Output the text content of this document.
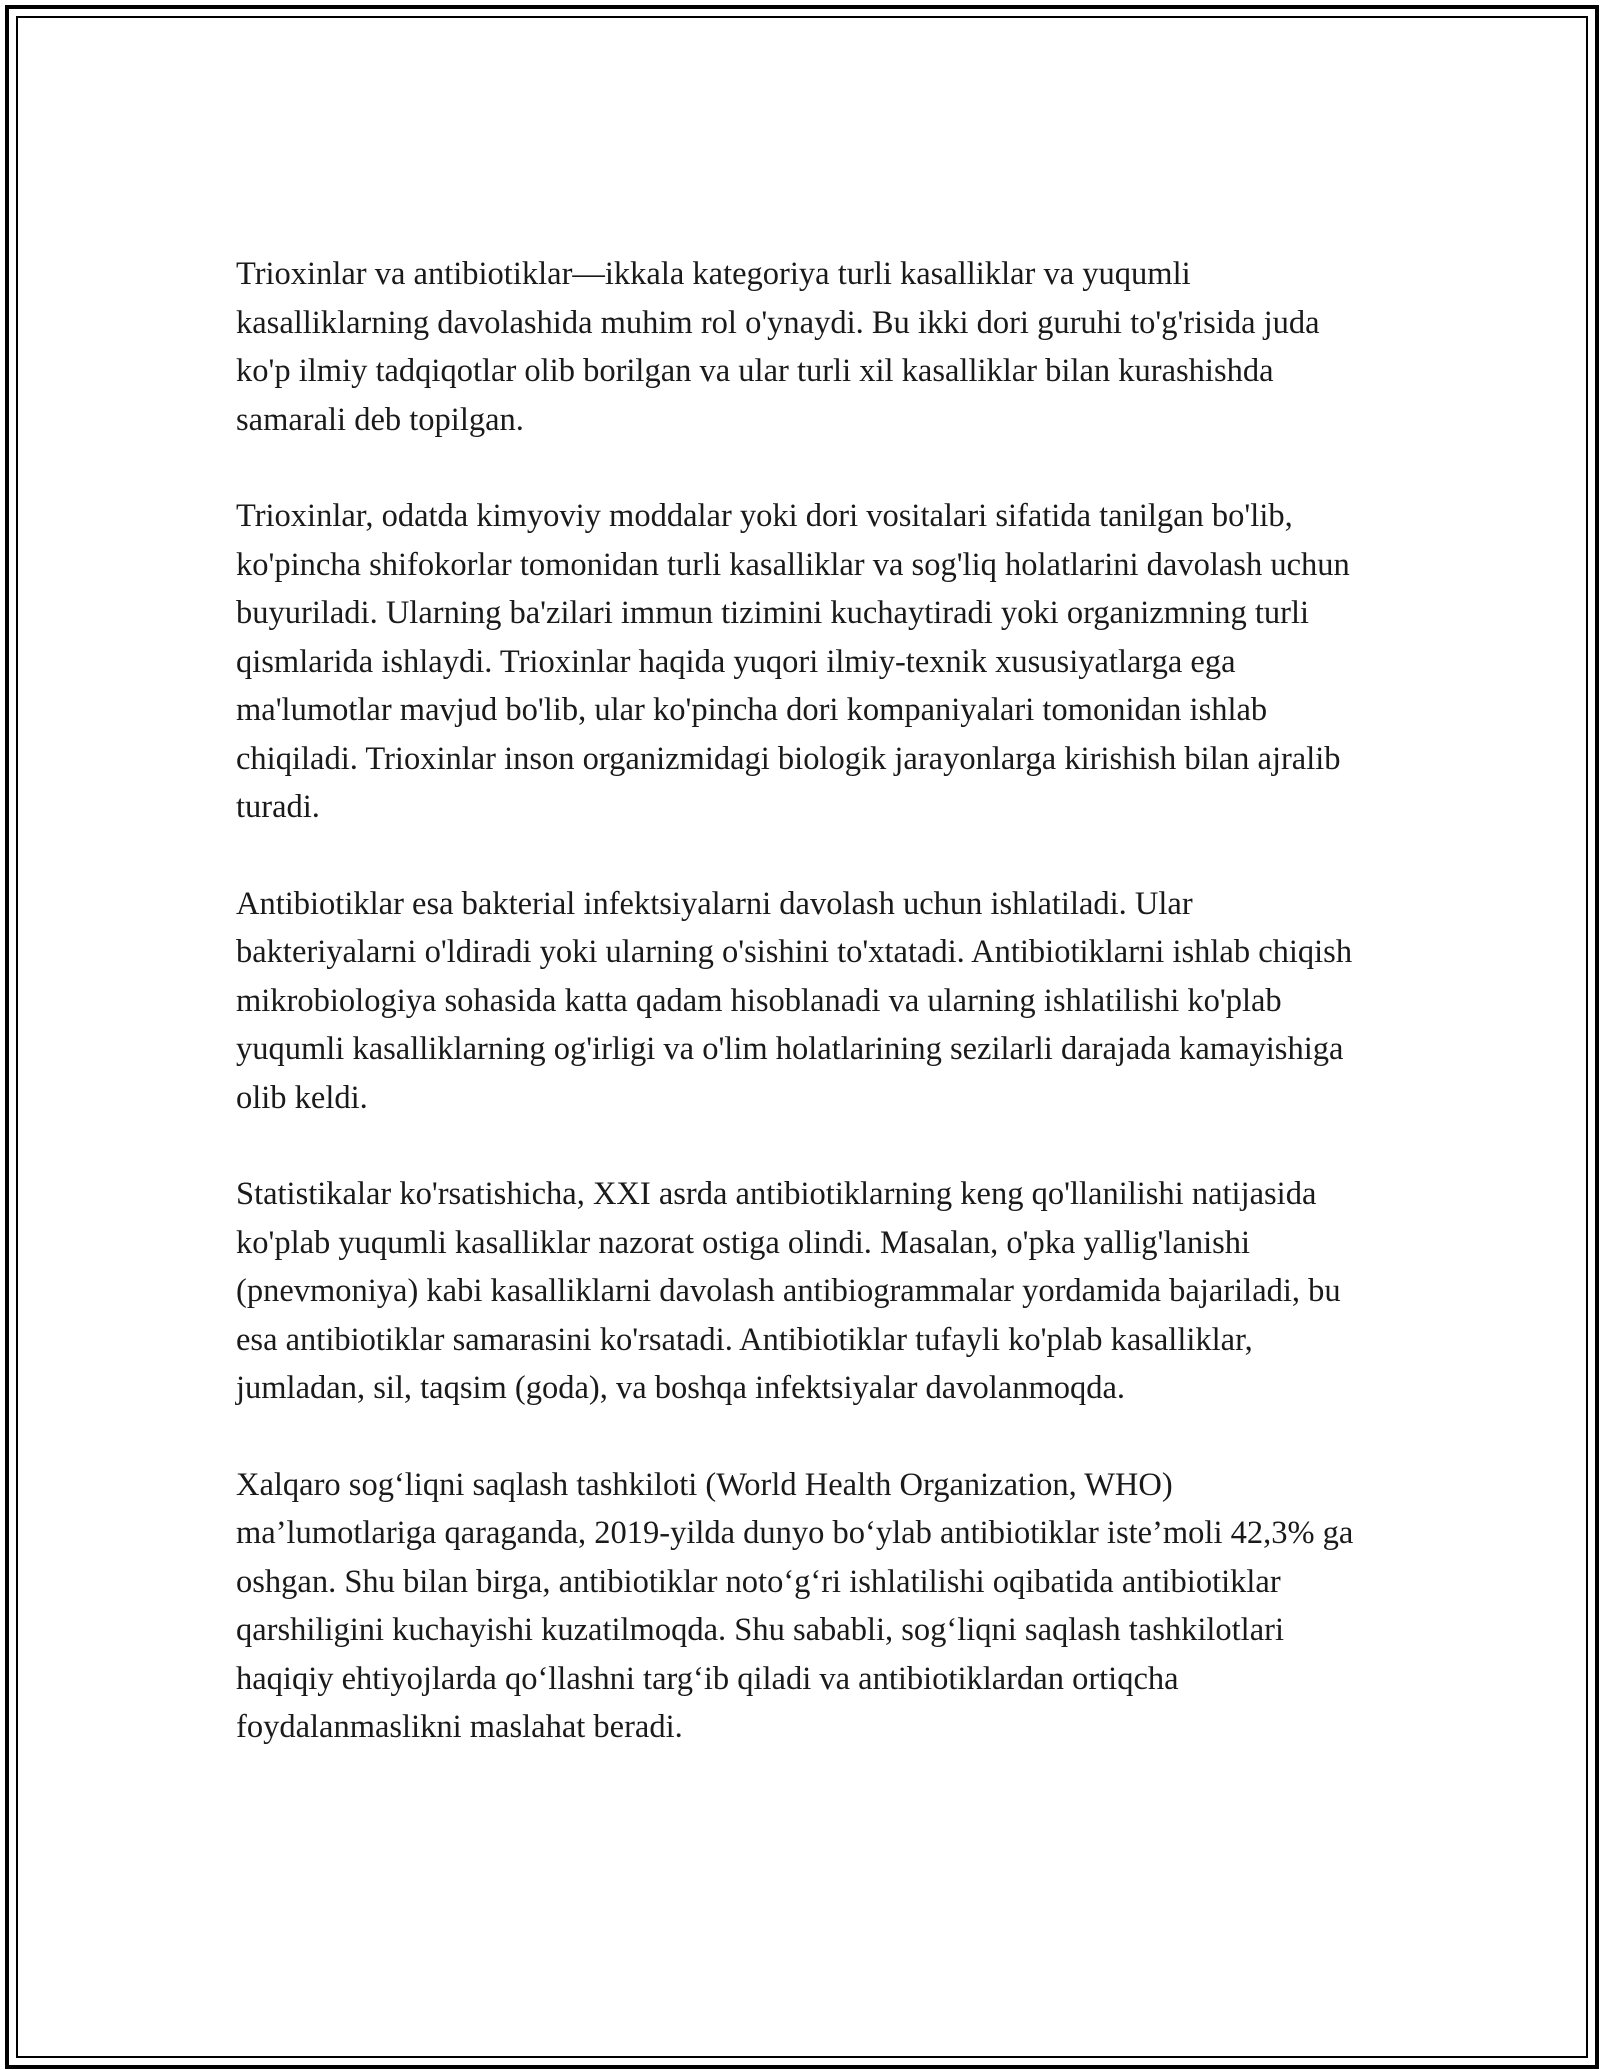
Trioxinlar va antibiotiklar—ikkala kategoriya turli kasalliklar va yuqumli kasalliklarning davolashida muhim rol o'ynaydi. Bu ikki dori guruhi to'g'risida juda ko'p ilmiy tadqiqotlar olib borilgan va ular turli xil kasalliklar bilan kurashishda samarali deb topilgan.

Trioxinlar, odatda kimyoviy moddalar yoki dori vositalari sifatida tanilgan bo'lib, ko'pincha shifokorlar tomonidan turli kasalliklar va sog'liq holatlarini davolash uchun buyuriladi. Ularning ba'zilari immun tizimini kuchaytiradi yoki organizmning turli qismlarida ishlaydi. Trioxinlar haqida yuqori ilmiy-texnik xususiyatlarga ega ma'lumotlar mavjud bo'lib, ular ko'pincha dori kompaniyalari tomonidan ishlab chiqiladi. Trioxinlar inson organizmidagi biologik jarayonlarga kirishish bilan ajralib turadi.

Antibiotiklar esa bakterial infektsiyalarni davolash uchun ishlatiladi. Ular bakteriyalarni o'ldiradi yoki ularning o'sishini to'xtatadi. Antibiotiklarni ishlab chiqish mikrobiologiya sohasida katta qadam hisoblanadi va ularning ishlatilishi ko'plab yuqumli kasalliklarning og'irligi va o'lim holatlarining sezilarli darajada kamayishiga olib keldi.

Statistikalar ko'rsatishicha, XXI asrda antibiotiklarning keng qo'llanilishi natijasida ko'plab yuqumli kasalliklar nazorat ostiga olindi. Masalan, o'pka yallig'lanishi (pnevmoniya) kabi kasalliklarni davolash antibiogrammalar yordamida bajariladi, bu esa antibiotiklar samarasini ko'rsatadi. Antibiotiklar tufayli ko'plab kasalliklar, jumladan, sil, taqsim (goda), va boshqa infektsiyalar davolanmoqda.

Xalqaro sog‘liqni saqlash tashkiloti (World Health Organization, WHO) ma’lumotlariga qaraganda, 2019-yilda dunyo bo‘ylab antibiotiklar iste’moli 42,3% ga oshgan. Shu bilan birga, antibiotiklar noto‘g‘ri ishlatilishi oqibatida antibiotiklar qarshiligini kuchayishi kuzatilmoqda. Shu sababli, sog‘liqni saqlash tashkilotlari haqiqiy ehtiyojlarda qo‘llashni targ‘ib qiladi va antibiotiklardan ortiqcha foydalanmaslikni maslahat beradi.
